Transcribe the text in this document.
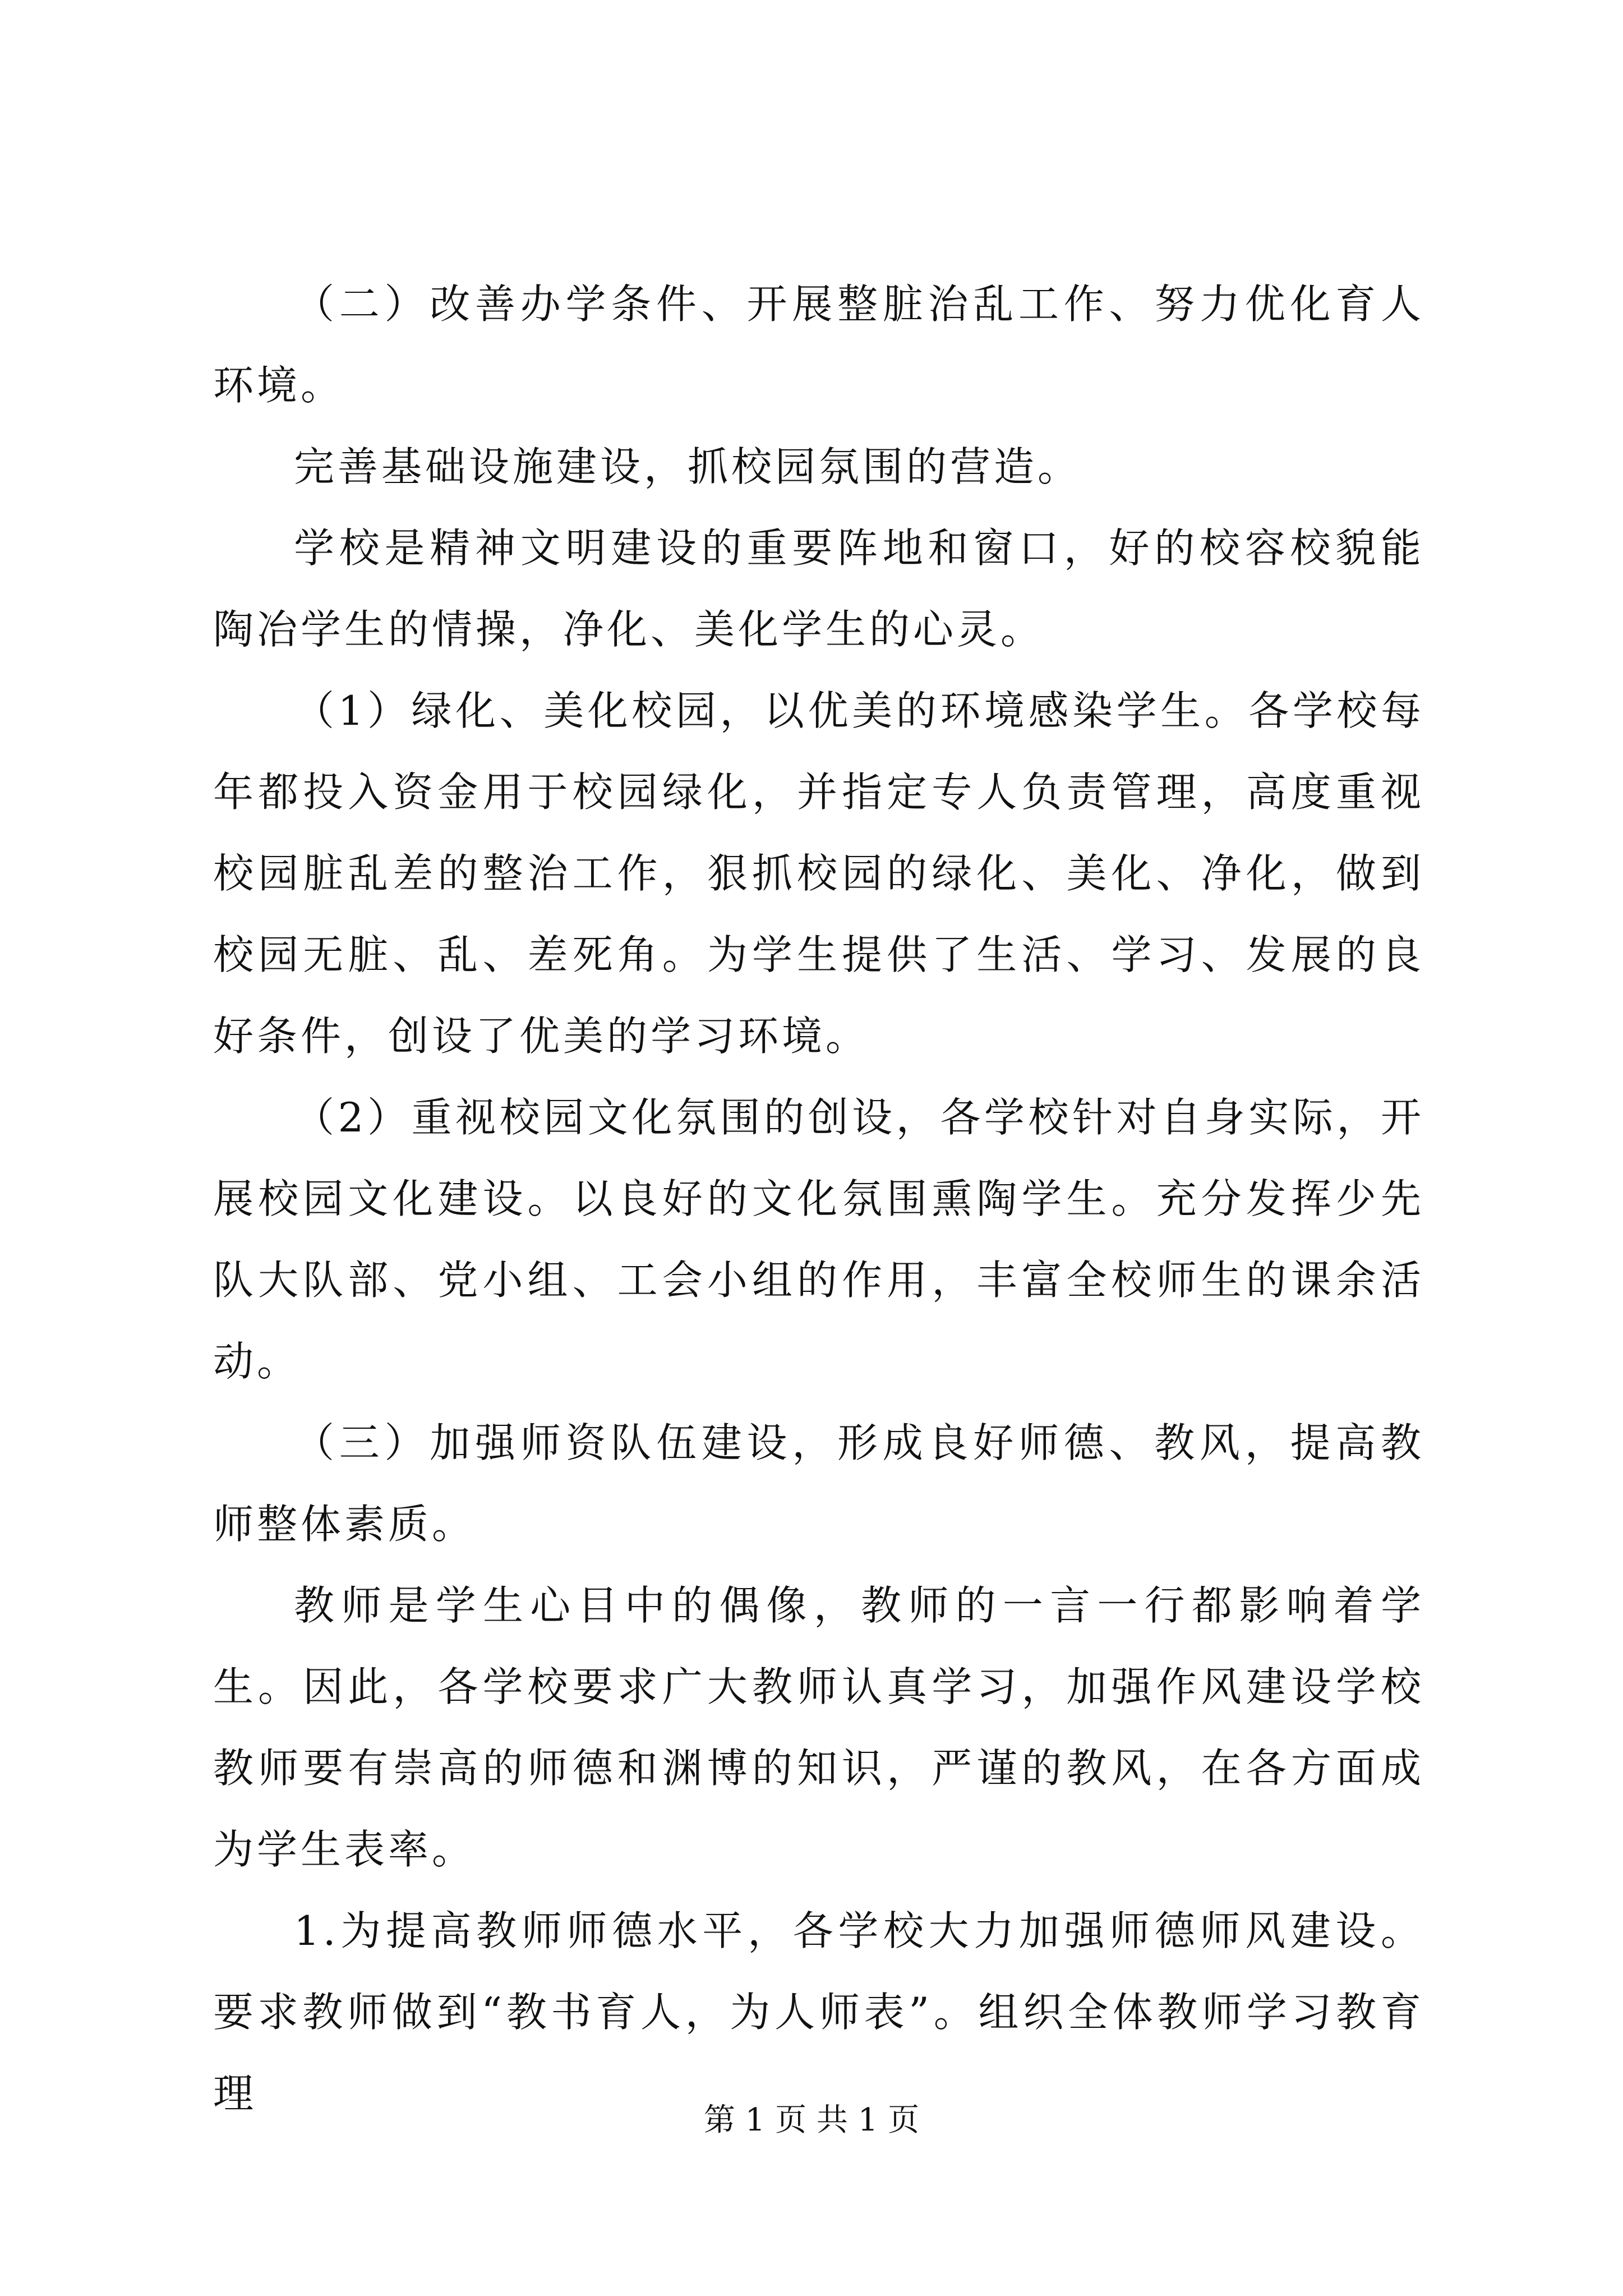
（二）改善办学条件、开展整脏治乱工作、努力优化育人环境。

完善基础设施建设，抓校园氛围的营造。

学校是精神文明建设的重要阵地和窗口，好的校容校貌能陶冶学生的情操，净化、美化学生的心灵。

（1）绿化、美化校园，以优美的环境感染学生。各学校每年都投入资金用于校园绿化，并指定专人负责管理，高度重视校园脏乱差的整治工作，狠抓校园的绿化、美化、净化，做到校园无脏、乱、差死角。为学生提供了生活、学习、发展的良好条件，创设了优美的学习环境。

（2）重视校园文化氛围的创设，各学校针对自身实际，开展校园文化建设。以良好的文化氛围熏陶学生。充分发挥少先队大队部、党小组、工会小组的作用，丰富全校师生的课余活动。

（三）加强师资队伍建设，形成良好师德、教风，提高教师整体素质。

教师是学生心目中的偶像，教师的一言一行都影响着学生。因此，各学校要求广大教师认真学习，加强作风建设学校教师要有崇高的师德和渊博的知识，严谨的教风，在各方面成为学生表率。

1.为提高教师师德水平，各学校大力加强师德师风建设。要求教师做到“教书育人，为人师表”。组织全体教师学习教育理

第 1 页 共 1 页
